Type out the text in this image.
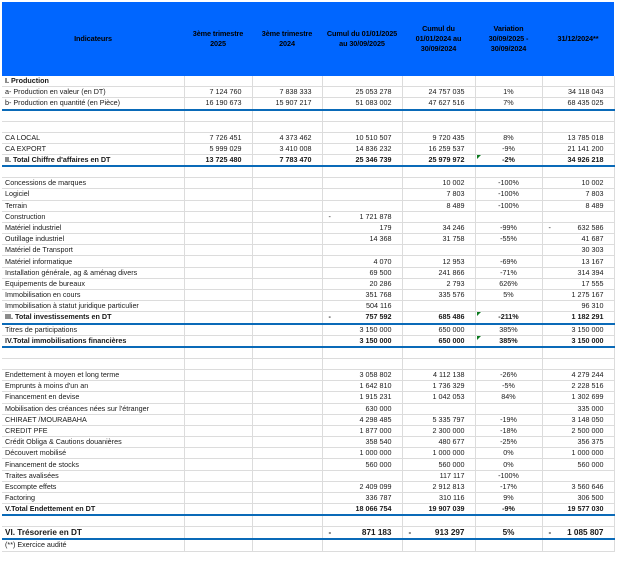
Indicateurs	3ème trimestre 2025	3ème trimestre 2024	Cumul du 01/01/2025 au 30/09/2025	Cumul du 01/01/2024 au 30/09/2024	Variation 30/09/2025 - 30/09/2024	31/12/2024**
I. Production						
a- Production en valeur (en DT)	7 124 760	7 838 333	25 053 278	24 757 035	1%	34 118 043
b- Production en quantité (en Pièce)	16 190 673	15 907 217	51 083 002	47 627 516	7%	68 435 025

CA LOCAL	7 726 451	4 373 462	10 510 507	9 720 435	8%	13 785 018
CA EXPORT	5 999 029	3 410 008	14 836 232	16 259 537	-9%	21 141 200
II. Total Chiffre d'affaires en DT	13 725 480	7 783 470	25 346 739	25 979 972	-2%	34 926 218

Concessions de marques				10 002	-100%	10 002
Logiciel				7 803	-100%	7 803
Terrain				8 489	-100%	8 489
Construction			- 1 721 878			
Matériel industriel			179	34 246	-99%	- 632 586
Outillage industriel			14 368	31 758	-55%	41 687
Matériel de Transport						30 303
Matériel informatique			4 070	12 953	-69%	13 167
Installation générale, ag & aménag divers			69 500	241 866	-71%	314 394
Equipements de bureaux			20 286	2 793	626%	17 555
Immobilisation en cours			351 768	335 576	5%	1 275 167
Immobilisation à statut juridique particulier			504 116			96 310
III. Total investissements en DT			- 757 592	685 486	-211%	1 182 291
Titres de participations			3 150 000	650 000	385%	3 150 000
IV.Total immobilisations financières			3 150 000	650 000	385%	3 150 000

Endettement à moyen et long terme			3 058 802	4 112 138	-26%	4 279 244
Emprunts à moins d'un an			1 642 810	1 736 329	-5%	2 228 516
Financement en devise			1 915 231	1 042 053	84%	1 302 699
Mobilisation des créances nées sur l'étranger			630 000			335 000
CHIRAET /MOURABAHA			4 298 485	5 335 797	-19%	3 148 050
CREDIT PFE			1 877 000	2 300 000	-18%	2 500 000
Crédit Obliga & Cautions douanières			358 540	480 677	-25%	356 375
Découvert mobilisé			1 000 000	1 000 000	0%	1 000 000
Financement de stocks			560 000	560 000	0%	560 000
Traites avalisées				117 117	-100%	
Escompte effets			2 409 099	2 912 813	-17%	3 560 646
Factoring			336 787	310 116	9%	306 500
V.Total Endettement en DT			18 066 754	19 907 039	-9%	19 577 030

VI. Trésorerie en DT			- 871 183	- 913 297	5%	- 1 085 807
(**) Exercice audité						
